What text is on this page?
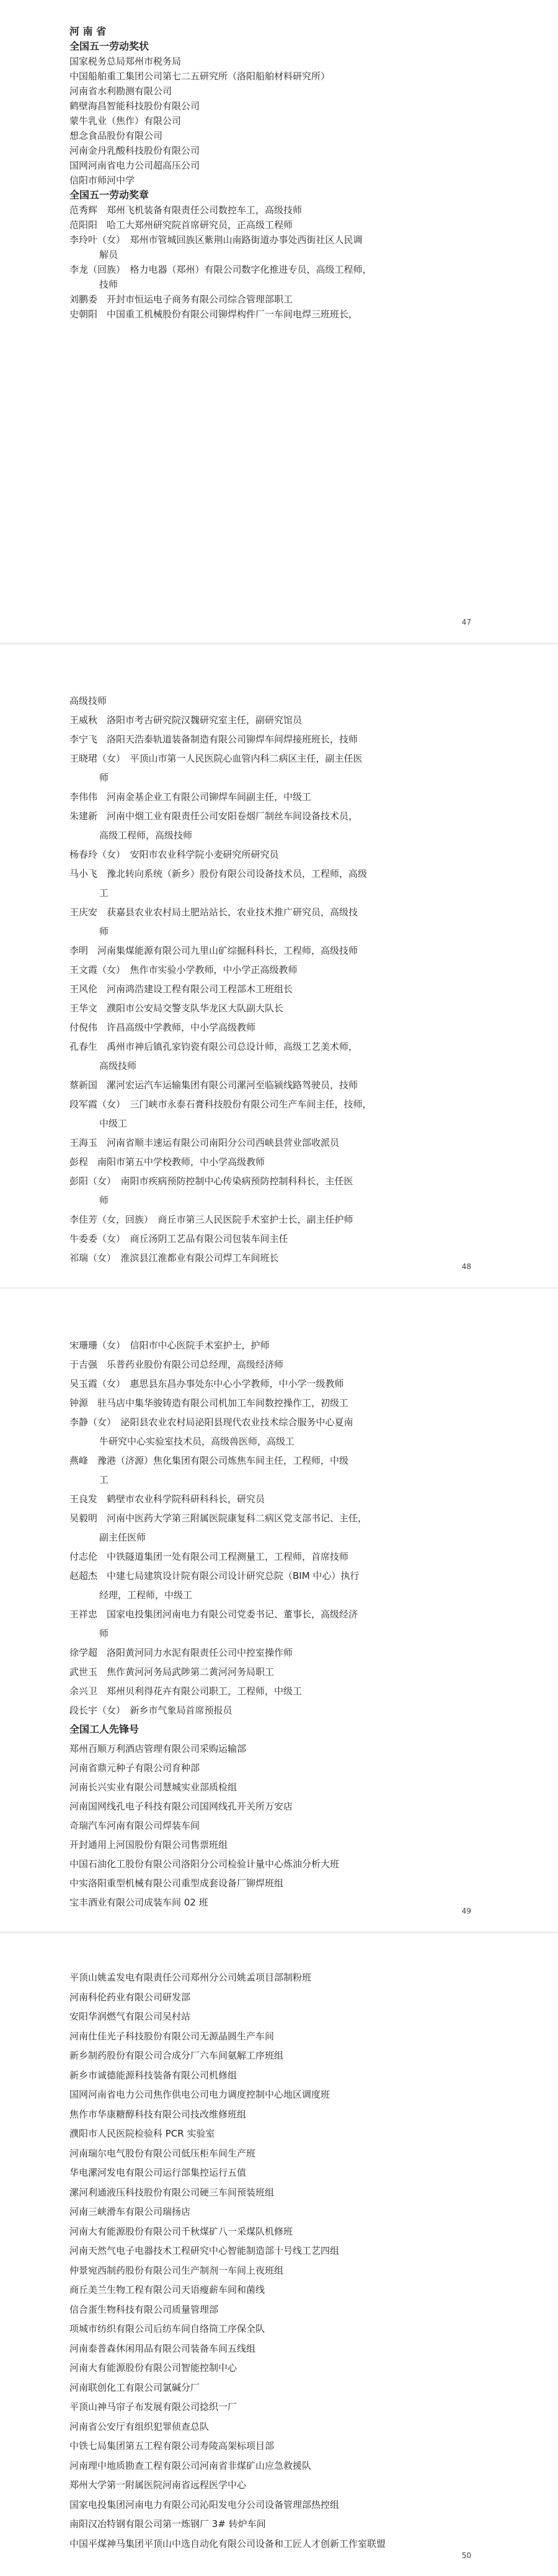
河 南 省
全国五一劳动奖状
国家税务总局郑州市税务局
中国船舶重工集团公司第七二五研究所（洛阳船舶材料研究所）
河南省水利勘测有限公司
鹤壁海昌智能科技股份有限公司
蒙牛乳业（焦作）有限公司
想念食品股份有限公司
河南金丹乳酸科技股份有限公司
国网河南省电力公司超高压公司
信阳市师河中学
全国五一劳动奖章
范秀辉　郑州飞机装备有限责任公司数控车工，高级技师
范阳阳　哈工大郑州研究院首席研究员，正高级工程师
李玲叶（女）　郑州市管城回族区紫荆山南路街道办事处西街社区人民调
解员
李龙（回族）　格力电器（郑州）有限公司数字化推进专员，高级工程师，
技师
刘鹏委　开封市恒运电子商务有限公司综合管理部职工
史朝阳　中国重工机械股份有限公司铆焊构件厂一车间电焊三班班长，
47
高级技师
王威秋　洛阳市考古研究院汉魏研究室主任，副研究馆员
李宁飞　洛阳天浩泰轨道装备制造有限公司铆焊车间焊接班班长，技师
王晓珺（女）　平顶山市第一人民医院心血管内科二病区主任，副主任医
师
李伟伟　河南金基企业工有限公司铆焊车间副主任，中级工
朱建新　河南中烟工业有限责任公司安阳卷烟厂制丝车间设备技术员，
高级工程师，高级技师
杨春玲（女）　安阳市农业科学院小麦研究所研究员
马小飞　豫北转向系统（新乡）股份有限公司设备技术员，工程师，高级
工
王庆安　获嘉县农业农村局土肥站站长，农业技术推广研究员，高级技
师
李明　河南集煤能源有限公司九里山矿综掘科科长，工程师，高级技师
王文霞（女）　焦作市实验小学教师，中小学正高级教师
王风伦　河南鸿浩建设工程有限公司工程部木工班组长
王华文　濮阳市公安局交警支队华龙区大队副大队长
付倪伟　许昌高级中学教师，中小学高级教师
孔春生　禹州市神后镇孔家钧瓷有限公司总设计师，高级工艺美术师，
高级技师
蔡新国　漯河宏运汽车运输集团有限公司漯河至临颍线路驾驶员，技师
段军霞（女）　三门峡市永泰石膏科技股份有限公司生产车间主任，技师，
中级工
王海玉　河南省顺丰速运有限公司南阳分公司西峡县营业部收派员
彭程　南阳市第五中学校教师，中小学高级教师
彭阳（女）　南阳市疾病预防控制中心传染病预防控制科科长，主任医
师
李佳芳（女，回族）　商丘市第三人民医院手术室护士长，副主任护师
牛委委（女）　商丘汤阴工艺品有限公司包装车间主任
祁瑞（女）　淮滨县江淮都业有限公司焊工车间班长
48
宋珊珊（女）　信阳市中心医院手术室护士，护师
于吉强　乐普药业股份有限公司总经理，高级经济师
吴玉霞（女）　惠思县东昌办事处东中心小学教师，中小学一级教师
钟源　驻马店中集华骏铸造有限公司机加工车间数控操作工，初级工
李静（女）　泌阳县农业农村局泌阳县现代农业技术综合服务中心夏南
牛研究中心实验室技术员，高级兽医师，高级工
燕峰　豫港（济源）焦化集团有限公司炼焦车间主任，工程师，中级
工
王良发　鹤壁市农业科学院科研科科长，研究员
吴毅明　河南中医药大学第三附属医院康复科二病区党支部书记、主任，
副主任医师
付志伦　中铁隧道集团一处有限公司工程测量工，工程师，首席技师
赵超杰　中建七局建筑设计院有限公司设计研究总院（BIM 中心）执行
经理，工程师，中级工
王祥忠　国家电投集团河南电力有限公司党委书记、董事长，高级经济
师
徐学超　洛阳黄河同力水泥有限责任公司中控室操作师
武世玉　焦作黄河河务局武陟第二黄河河务局职工
余兴卫　郑州贝利得花卉有限公司职工，工程师，中级工
段长宇（女）　新乡市气象局首席预报员
全国工人先锋号
郑州百顺万利酒店管理有限公司采购运输部
河南省鼎元种子有限公司育种部
河南长兴实业有限公司慧城实业部质检组
河南国网线孔电子科技有限公司国网线孔开关所万安店
奇瑞汽车河南有限公司焊装车间
开封通用上河国股份有限公司售票班组
中国石油化工股份有限公司洛阳分公司检验计量中心炼油分析大班
中实洛阳重型机械有限公司重型成套设备厂铆焊班组
宝丰酒业有限公司成装车间 02 班
49
平顶山姚孟发电有限责任公司郑州分公司姚孟项目部制粉班
河南科伦药业有限公司研发部
安阳华润燃气有限公司吴村站
河南仕佳光子科技股份有限公司无源晶圆生产车间
新乡制药股份有限公司合成分厂六车间氨解工序班组
新乡市诚德能源科技装备有限公司机修组
国网河南省电力公司焦作供电公司电力调度控制中心地区调度班
焦作市华康糖醇科技有限公司技改维修班组
濮阳市人民医院检验科 PCR 实验室
河南瑞尔电气股份有限公司低压柜车间生产班
华电漯河发电有限公司运行部集控运行五值
漯河利通液压科技股份有限公司硬三车间预装班组
河南三峡滑车有限公司瑞扬店
河南大有能源股份有限公司千秋煤矿八一采煤队机修班
河南天然气电子电器技术工程研究中心智能制造部十号线工艺四组
仲景宛西制药股份有限公司生产制剂一车间上夜班组
商丘美兰生物工程有限公司天语瘦薪车间和菌线
信合蛋生物科技有限公司质量管理部
项城市纺织有限公司后纺车间自络筒工序保全队
河南泰普森休闲用品有限公司装备车间五线组
河南大有能源股份有限公司智能控制中心
河南联创化工有限公司氯碱分厂
平顶山神马帘子布发展有限公司捻织一厂
河南省公安厅有组织犯罪侦查总队
中铁七局集团第五工程有限公司寿陵高架标项目部
河南理中地质勘查工程有限公司河南省非煤矿山应急救援队
郑州大学第一附属医院河南省远程医学中心
国家电投集团河南电力有限公司沁阳发电分公司设备管理部热控组
南阳汉冶特钢有限公司第一炼钢厂 3# 转炉车间
中国平煤神马集团平顶山中选自动化有限公司设备和工匠人才创新工作室联盟
50
